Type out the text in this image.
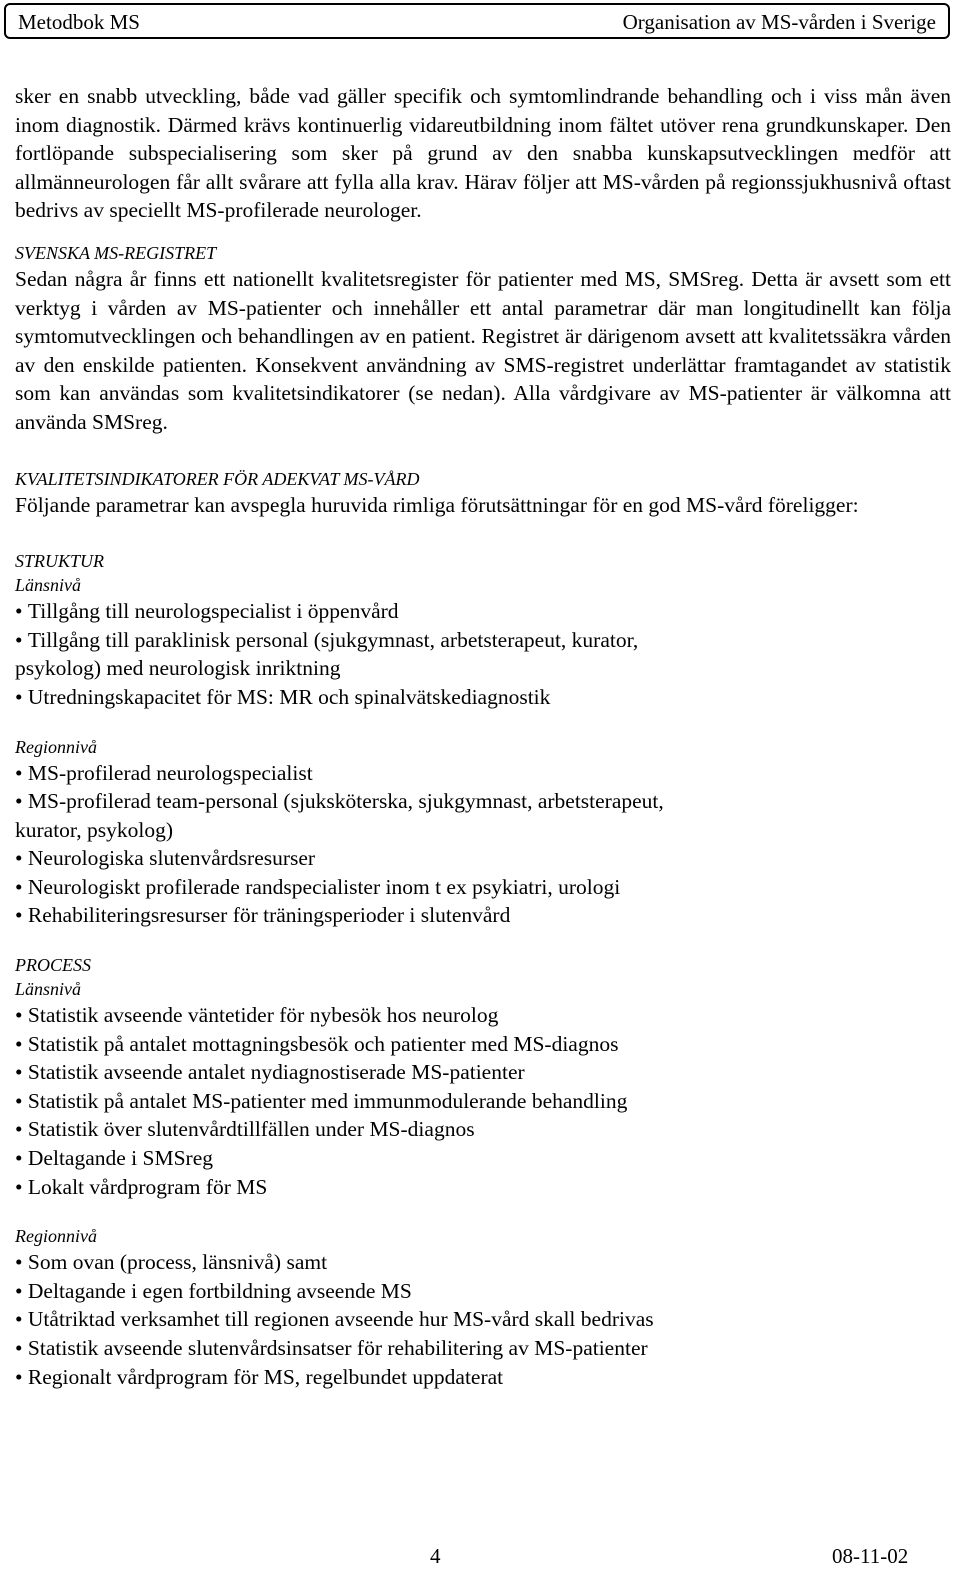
Metodbok MS	Organisation av MS-vården i Sverige

sker en snabb utveckling, både vad gäller specifik och symtomlindrande behandling och i viss mån även inom diagnostik. Därmed krävs kontinuerlig vidareutbildning inom fältet utöver rena grundkunskaper. Den fortlöpande subspecialisering som sker på grund av den snabba kunskapsutvecklingen medför att allmänneurologen får allt svårare att fylla alla krav. Härav följer att MS-vården på regionssjukhusnivå oftast bedrivs av speciellt MS-profilerade neurologer.

SVENSKA MS-REGISTRET

Sedan några år finns ett nationellt kvalitetsregister för patienter med MS, SMSreg. Detta är avsett som ett verktyg i vården av MS-patienter och innehåller ett antal parametrar där man longitudinellt kan följa symtomutvecklingen och behandlingen av en patient. Registret är därigenom avsett att kvalitetssäkra vården av den enskilde patienten. Konsekvent användning av SMS-registret underlättar framtagandet av statistik som kan användas som kvalitetsindikatorer (se nedan). Alla vårdgivare av MS-patienter är välkomna att använda SMSreg.

KVALITETSINDIKATORER FÖR ADEKVAT MS-VÅRD

Följande parametrar kan avspegla huruvida rimliga förutsättningar för en god MS-vård föreligger:

STRUKTUR
Länsnivå
• Tillgång till neurologspecialist i öppenvård
• Tillgång till paraklinisk personal (sjukgymnast, arbetsterapeut, kurator,
psykolog) med neurologisk inriktning
• Utredningskapacitet för MS: MR och spinalvätskediagnostik
Regionnivå
• MS-profilerad neurologspecialist
• MS-profilerad team-personal (sjuksköterska, sjukgymnast, arbetsterapeut,
kurator, psykolog)
• Neurologiska slutenvårdsresurser
• Neurologiskt profilerade randspecialister inom t ex psykiatri, urologi
• Rehabiliteringsresurser för träningsperioder i slutenvård
PROCESS
Länsnivå
• Statistik avseende väntetider för nybesök hos neurolog
• Statistik på antalet mottagningsbesök och patienter med MS-diagnos
• Statistik avseende antalet nydiagnostiserade MS-patienter
• Statistik på antalet MS-patienter med immunmodulerande behandling
• Statistik över slutenvårdtillfällen under MS-diagnos
• Deltagande i SMSreg
• Lokalt vårdprogram för MS
Regionnivå
• Som ovan (process, länsnivå) samt
• Deltagande i egen fortbildning avseende MS
• Utåtriktad verksamhet till regionen avseende hur MS-vård skall bedrivas
• Statistik avseende slutenvårdsinsatser för rehabilitering av MS-patienter
• Regionalt vårdprogram för MS, regelbundet uppdaterat
4	08-11-02
